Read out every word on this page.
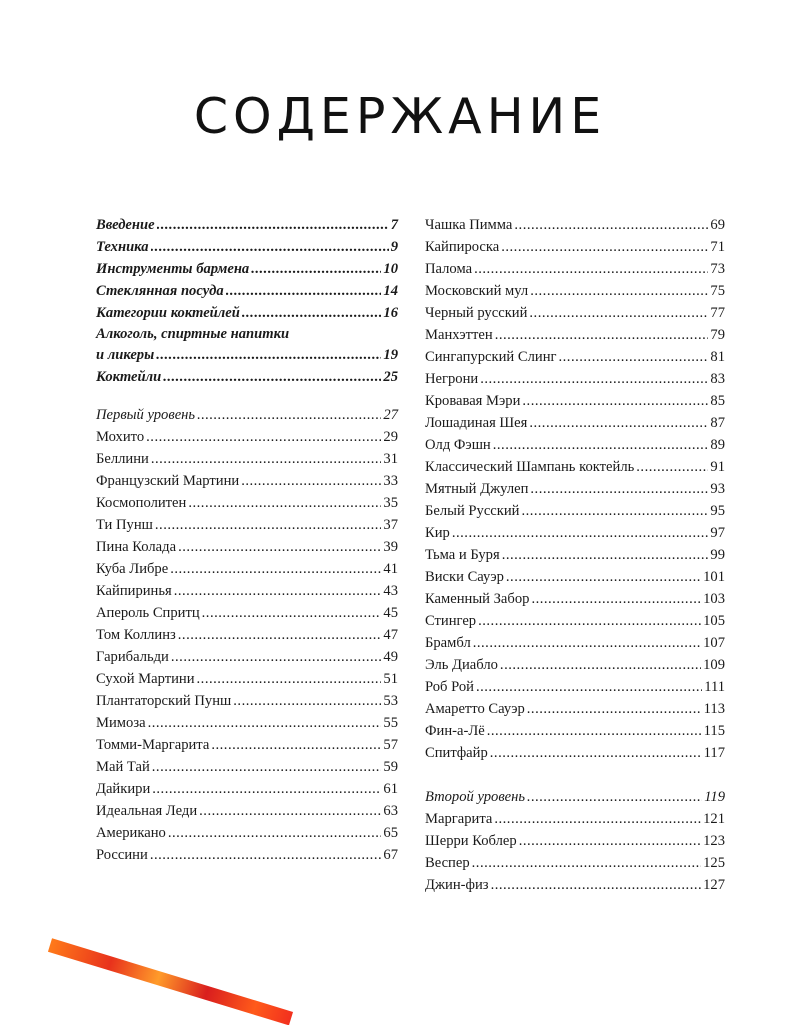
СОДЕРЖАНИЕ
Введение .....	7
Техника .....	9
Инструменты бармена .....	10
Стеклянная посуда .....	14
Категории коктейлей .....	16
Алкоголь, спиртные напитки
и ликеры .....	19
Коктейли .....	25
Первый уровень .....	27
Мохито .....	29
Беллини .....	31
Французский Мартини .....	33
Космополитен .....	35
Ти Пунш .....	37
Пина Колада .....	39
Куба Либре .....	41
Кайпиринья .....	43
Апероль Спритц .....	45
Том Коллинз .....	47
Гарибальди .....	49
Сухой Мартини .....	51
Плантаторский Пунш .....	53
Мимоза .....	55
Томми-Маргарита .....	57
Май Тай .....	59
Дайкири .....	61
Идеальная Леди .....	63
Американо .....	65
Россини .....	67
Чашка Пимма .....	69
Кайпироска .....	71
Палома .....	73
Московский мул .....	75
Черный русский .....	77
Манхэттен .....	79
Сингапурский Слинг .....	81
Негрони .....	83
Кровавая Мэри .....	85
Лошадиная Шея .....	87
Олд Фэшн .....	89
Классический Шампань коктейль .....	91
Мятный Джулеп .....	93
Белый Русский .....	95
Кир .....	97
Тьма и Буря .....	99
Виски Сауэр .....	101
Каменный Забор .....	103
Стингер .....	105
Брамбл .....	107
Эль Диабло .....	109
Роб Рой .....	111
Амаретто Сауэр .....	113
Фин-а-Лё .....	115
Спитфайр .....	117
Второй уровень .....	119
Маргарита .....	121
Шерри Коблер .....	123
Веспер .....	125
Джин-физ .....	127
